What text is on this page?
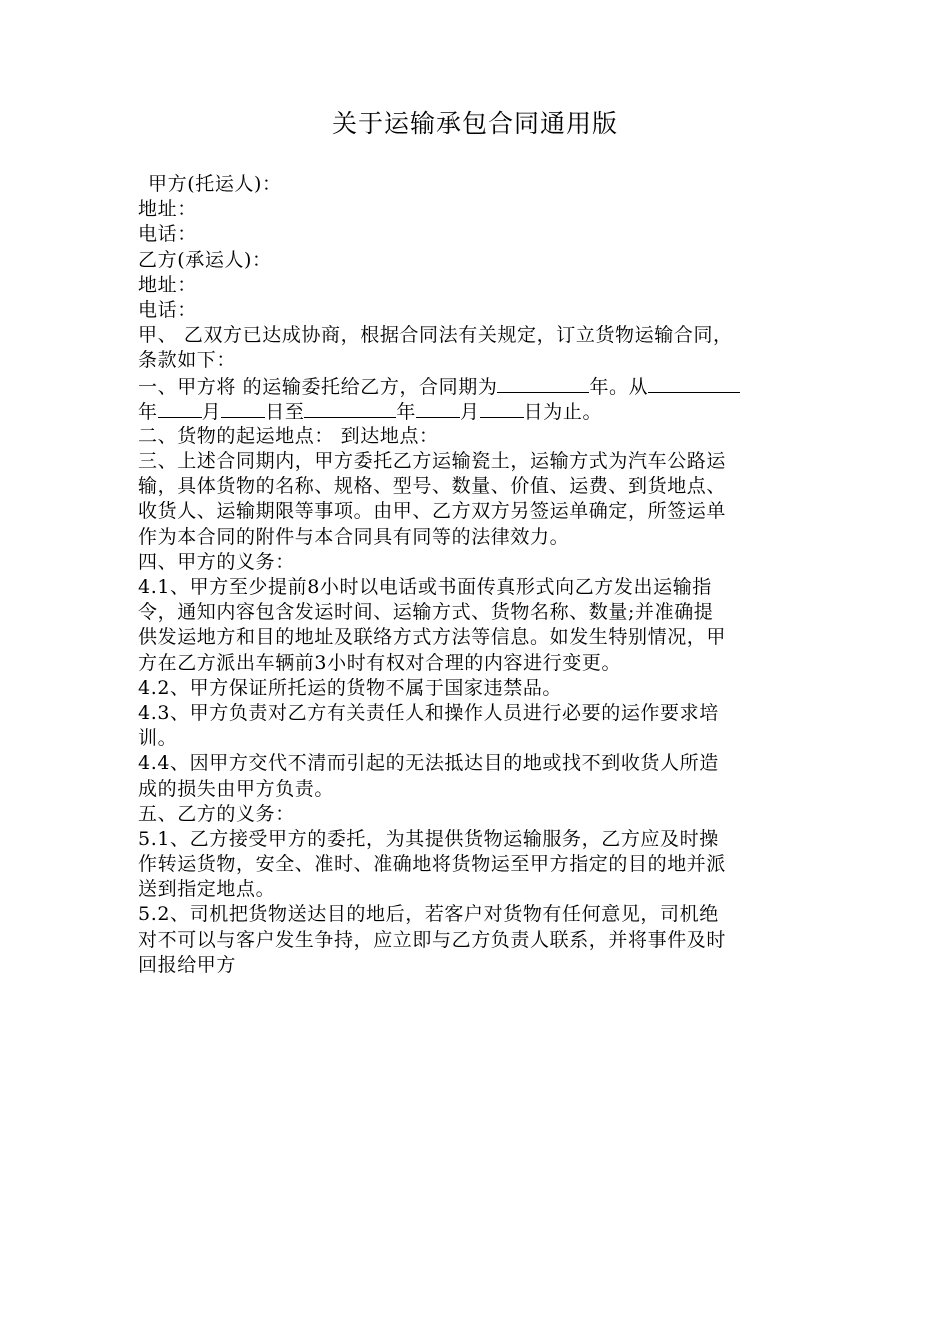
关于运输承包合同通用版
甲方(托运人)：
地址：
电话：
乙方(承运人)：
地址：
电话：
甲、 乙双方已达成协商，根据合同法有关规定，订立货物运输合同，
条款如下：
一、甲方将 的运输委托给乙方，合同期为	年。从
年 月 日至	年 月 日为止。
二、货物的起运地点： 到达地点：
三、上述合同期内，甲方委托乙方运输瓷土，运输方式为汽车公路运
输，具体货物的名称、规格、型号、数量、价值、运费、到货地点、
收货人、运输期限等事项。由甲、乙方双方另签运单确定，所签运单
作为本合同的附件与本合同具有同等的法律效力。
四、甲方的义务：
4.1、甲方至少提前8小时以电话或书面传真形式向乙方发出运输指
令，通知内容包含发运时间、运输方式、货物名称、数量;并准确提
供发运地方和目的地址及联络方式方法等信息。如发生特别情况，甲
方在乙方派出车辆前3小时有权对合理的内容进行变更。
4.2、甲方保证所托运的货物不属于国家违禁品。
4.3、甲方负责对乙方有关责任人和操作人员进行必要的运作要求培
训。
4.4、因甲方交代不清而引起的无法抵达目的地或找不到收货人所造
成的损失由甲方负责。
五、乙方的义务：
5.1、乙方接受甲方的委托，为其提供货物运输服务，乙方应及时操
作转运货物，安全、准时、准确地将货物运至甲方指定的目的地并派
送到指定地点。
5.2、司机把货物送达目的地后，若客户对货物有任何意见，司机绝
对不可以与客户发生争持，应立即与乙方负责人联系，并将事件及时
回报给甲方
